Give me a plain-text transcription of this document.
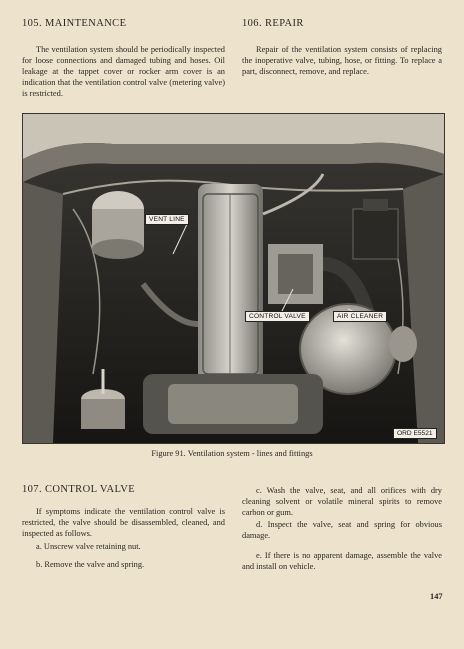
105. MAINTENANCE

The ventilation system should be periodically inspected for loose connections and damaged tubing and hoses. Oil leakage at the tappet cover or rocker arm cover is an indication that the ventilation control valve (metering valve) is restricted.

106. REPAIR

Repair of the ventilation system consists of replacing the inoperative valve, tubing, hose, or fitting. To replace a part, disconnect, remove, and replace.

VENT LINE
CONTROL VALVE	AIR CLEANER
ORD E5521
Figure 91. Ventilation system - lines and fittings
107. CONTROL VALVE

If symptoms indicate the ventilation control valve is restricted, the valve should be disassembled, cleaned, and inspected as follows.

a. Unscrew valve retaining nut.

b. Remove the valve and spring.

c. Wash the valve, seat, and all orifices with dry cleaning solvent or volatile mineral spirits to remove carbon or gum.

d. Inspect the valve, seat and spring for obvious damage.

e. If there is no apparent damage, assemble the valve and install on vehicle.

147
